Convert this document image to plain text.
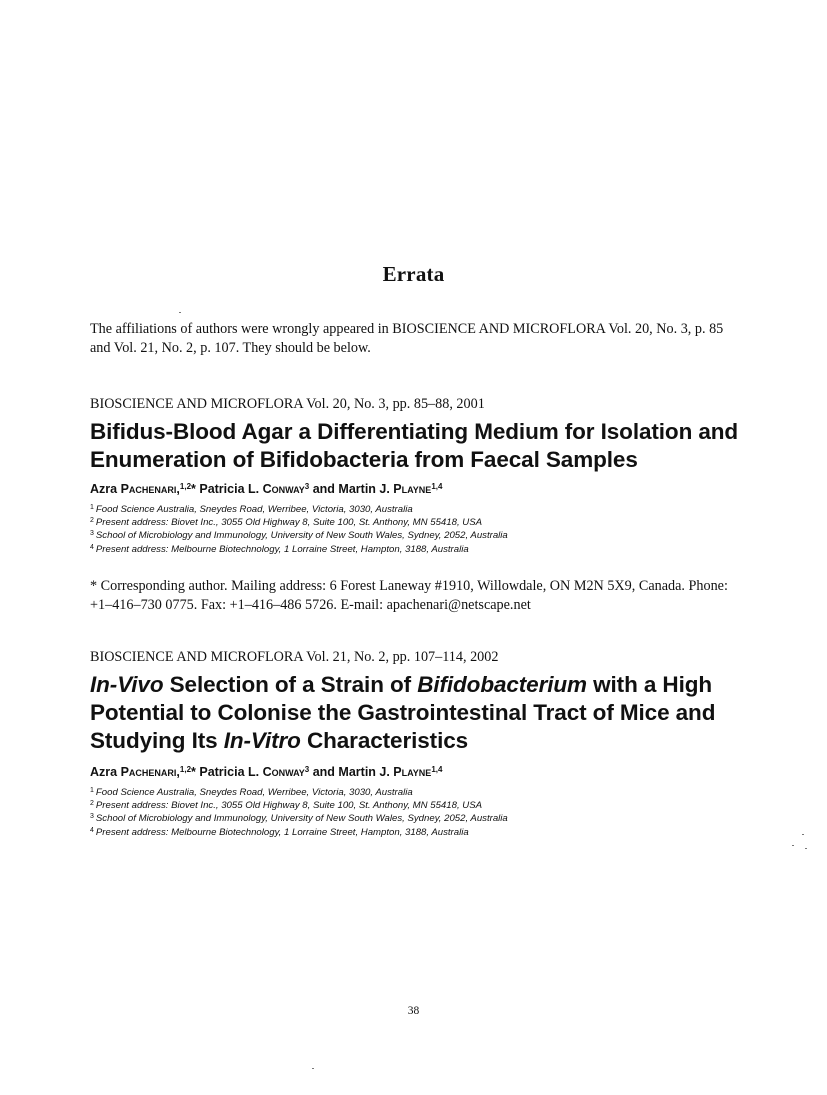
Errata
The affiliations of authors were wrongly appeared in BIOSCIENCE AND MICROFLORA Vol. 20, No. 3, p. 85
and Vol. 21, No. 2, p. 107. They should be below.
BIOSCIENCE AND MICROFLORA Vol. 20, No. 3, pp. 85–88, 2001
Bifidus-Blood Agar a Differentiating Medium for Isolation and
Enumeration of Bifidobacteria from Faecal Samples
Azra Pachenari,$^{1,2}$* Patricia L. Conway$^3$ and Martin J. Playne$^{1,4}$
$^1$ Food Science Australia, Sneydes Road, Werribee, Victoria, 3030, Australia
$^2$ Present address: Biovet Inc., 3055 Old Highway 8, Suite 100, St. Anthony, MN 55418, USA
$^3$ School of Microbiology and Immunology, University of New South Wales, Sydney, 2052, Australia
$^4$ Present address: Melbourne Biotechnology, 1 Lorraine Street, Hampton, 3188, Australia
* Corresponding author. Mailing address: 6 Forest Laneway #1910, Willowdale, ON M2N 5X9, Canada. Phone:
+1–416–730 0775. Fax: +1–416–486 5726. E-mail: apachenari@netscape.net
BIOSCIENCE AND MICROFLORA Vol. 21, No. 2, pp. 107–114, 2002
In-Vivo Selection of a Strain of Bifidobacterium with a High
Potential to Colonise the Gastrointestinal Tract of Mice and
Studying Its In-Vitro Characteristics
Azra Pachenari,$^{1,2}$* Patricia L. Conway$^3$ and Martin J. Playne$^{1,4}$
$^1$ Food Science Australia, Sneydes Road, Werribee, Victoria, 3030, Australia
$^2$ Present address: Biovet Inc., 3055 Old Highway 8, Suite 100, St. Anthony, MN 55418, USA
$^3$ School of Microbiology and Immunology, University of New South Wales, Sydney, 2052, Australia
$^4$ Present address: Melbourne Biotechnology, 1 Lorraine Street, Hampton, 3188, Australia
38
